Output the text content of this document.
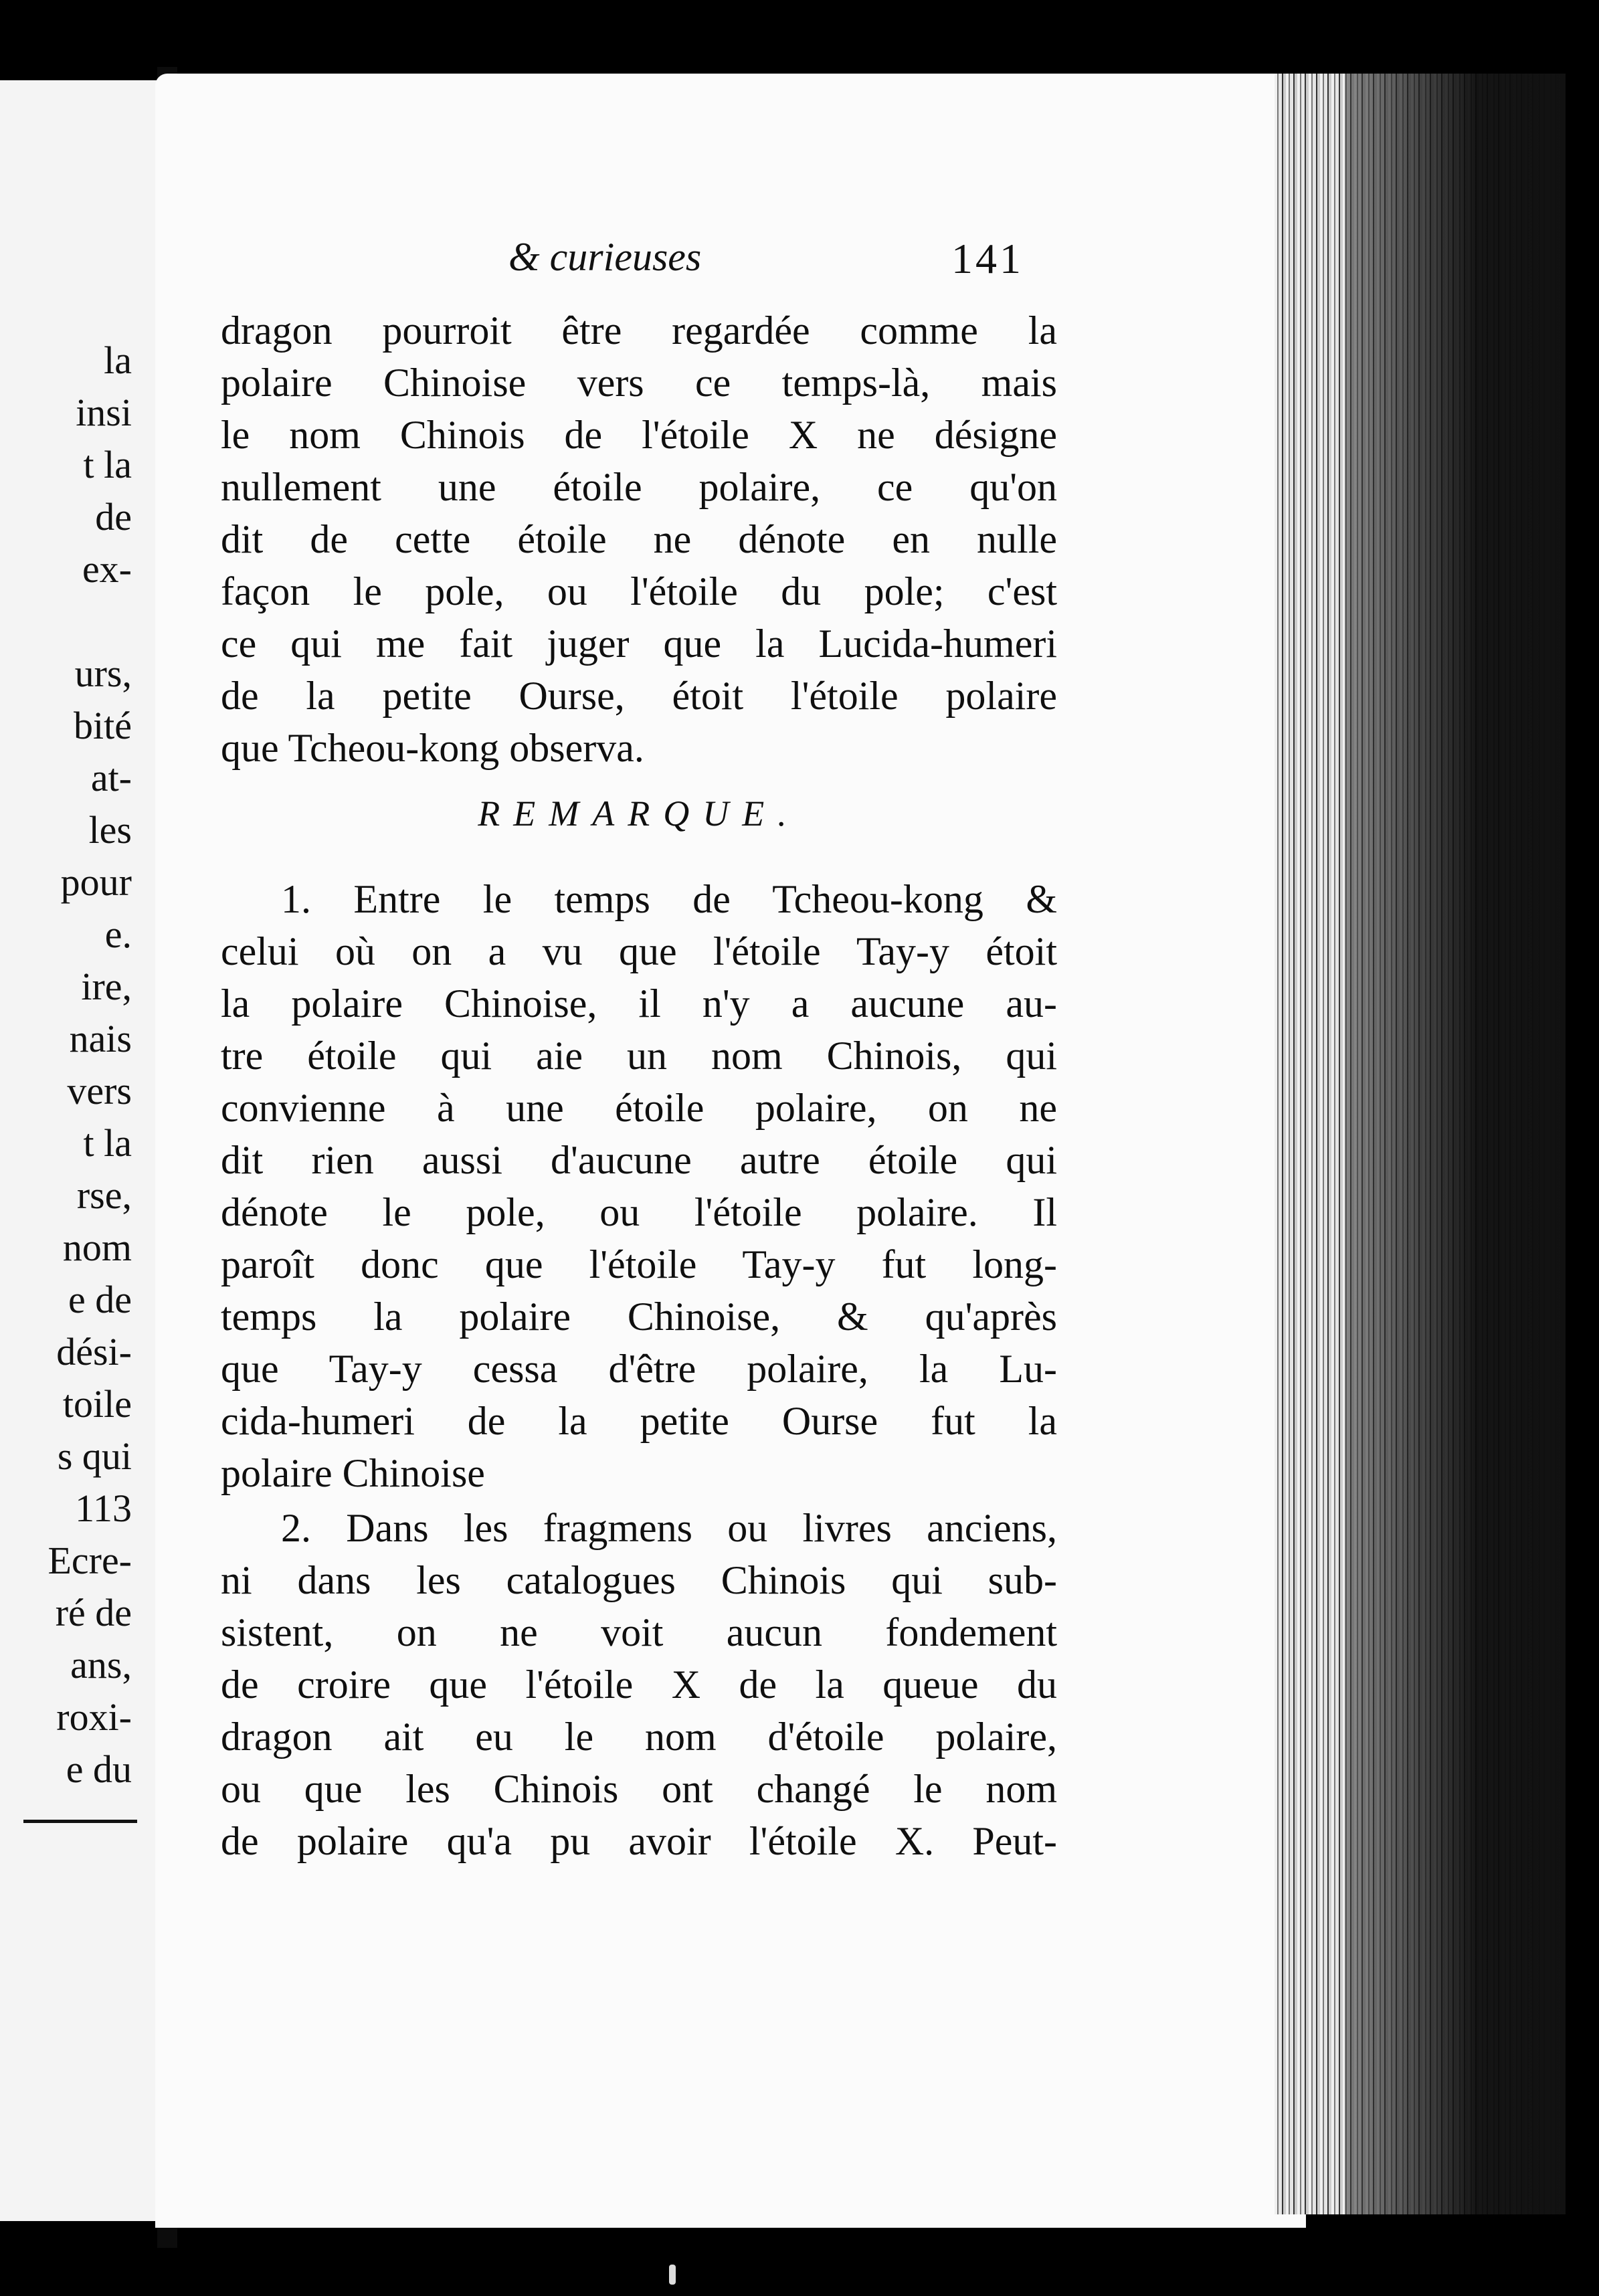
la
insi
t la
de
ex-
urs,
bité
at-
les
pour
e.
ire,
nais
vers
t la
rse,
nom
e de
dési-
toile
s qui
113
Ecre-
ré de
ans,
roxi-
e du
& curieuses	141
dragon pourroit être regardée comme la
polaire Chinoise vers ce temps-là, mais
le nom Chinois de l'étoile X ne désigne
nullement une étoile polaire, ce qu'on
dit de cette étoile ne dénote en nulle
façon le pole, ou l'étoile du pole; c'est
ce qui me fait juger que la Lucida-humeri
de la petite Ourse, étoit l'étoile polaire
que Tcheou-kong observa.
REMARQUE.
1. Entre le temps de Tcheou-kong &
celui où on a vu que l'étoile Tay-y étoit
la polaire Chinoise, il n'y a aucune au-
tre étoile qui aie un nom Chinois, qui
convienne à une étoile polaire, on ne
dit rien aussi d'aucune autre étoile qui
dénote le pole, ou l'étoile polaire. Il
paroît donc que l'étoile Tay-y fut long-
temps la polaire Chinoise, & qu'après
que Tay-y cessa d'être polaire, la Lu-
cida-humeri de la petite Ourse fut la
polaire Chinoise
2. Dans les fragmens ou livres anciens,
ni dans les catalogues Chinois qui sub-
sistent, on ne voit aucun fondement
de croire que l'étoile X de la queue du
dragon ait eu le nom d'étoile polaire,
ou que les Chinois ont changé le nom
de polaire qu'a pu avoir l'étoile X. Peut-
